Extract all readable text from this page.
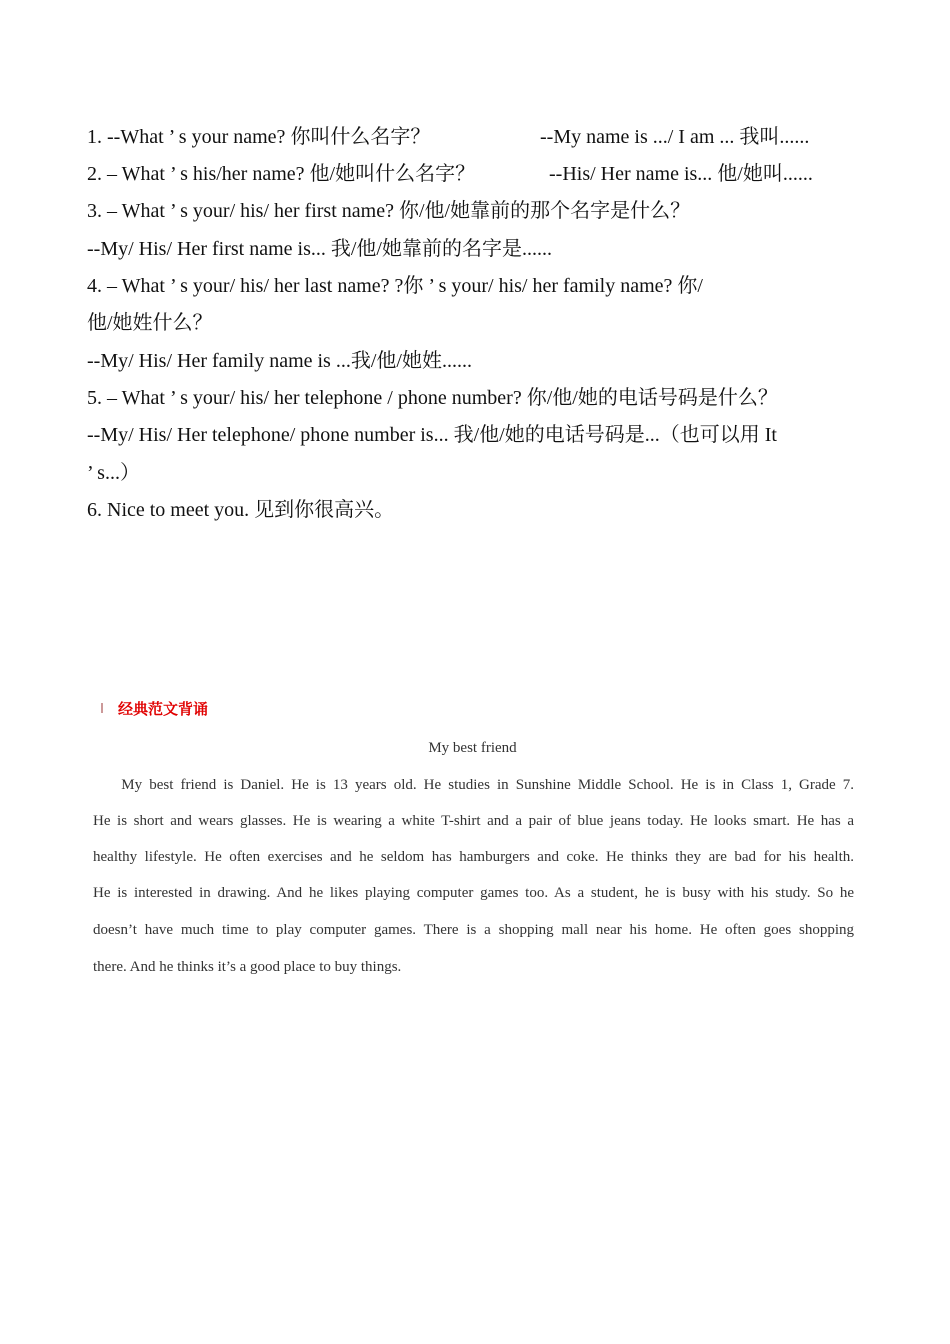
1. --What ’ s your name? 你叫什么名字？	--My name is .../ I am ... 我叫......
2. – What ’ s his/her name? 他/她叫什么名字？	--His/ Her name is... 他/她叫......
3. – What ’ s your/ his/ her first name? 你/他/她靠前的那个名字是什么？
--My/ His/ Her first name is... 我/他/她靠前的名字是......
4. – What ’ s your/ his/ her last name? ?你 ’ s your/ his/ her family name? 你/
他/她姓什么？
--My/ His/ Her family name is ...我/他/她姓......
5. – What ’ s your/ his/ her telephone / phone number? 你/他/她的电话号码是什么？
--My/ His/ Her telephone/ phone number is... 我/他/她的电话号码是...（也可以用 It
’ s...）
6. Nice to meet you. 见到你很高兴。
经典范文背诵
My best friend
My best friend is Daniel. He is 13 years old. He studies in Sunshine Middle School. He is in Class 1, Grade 7.
He is short and wears glasses. He is wearing a white T-shirt and a pair of blue jeans today. He looks smart. He has a
healthy lifestyle. He often exercises and he seldom has hamburgers and coke. He thinks they are bad for his health.
He is interested in drawing. And he likes playing computer games too. As a student, he is busy with his study. So he
doesn’t have much time to play computer games. There is a shopping mall near his home. He often goes shopping
there. And he thinks it’s a good place to buy things.
